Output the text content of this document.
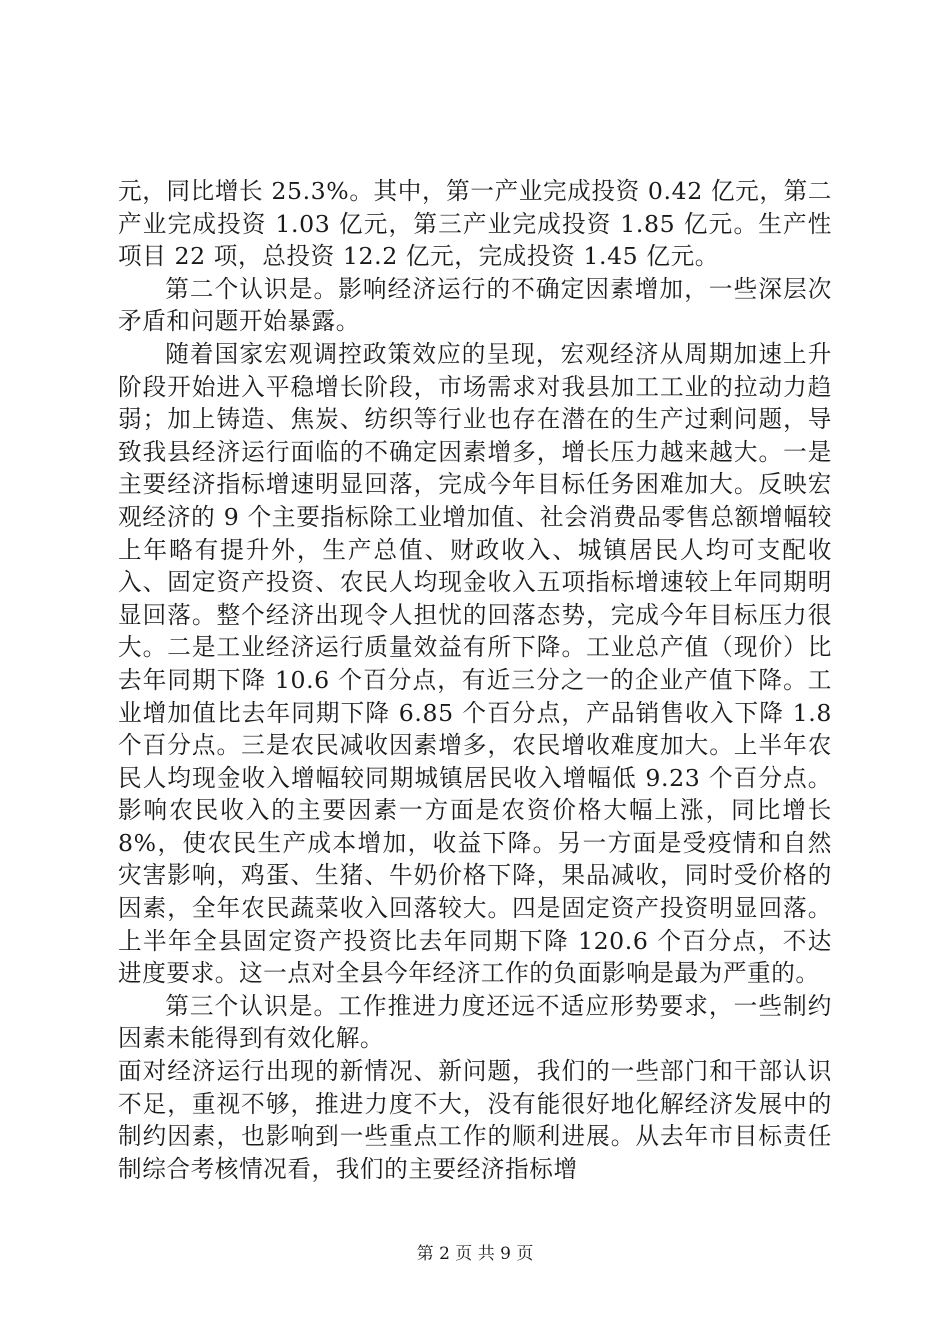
元，同比增长 25.3%。其中，第一产业完成投资 0.42 亿元，第二产业完成投资 1.03 亿元，第三产业完成投资 1.85 亿元。生产性项目 22 项，总投资 12.2 亿元，完成投资 1.45 亿元。

第二个认识是。影响经济运行的不确定因素增加，一些深层次矛盾和问题开始暴露。

随着国家宏观调控政策效应的呈现，宏观经济从周期加速上升阶段开始进入平稳增长阶段，市场需求对我县加工工业的拉动力趋弱；加上铸造、焦炭、纺织等行业也存在潜在的生产过剩问题，导致我县经济运行面临的不确定因素增多，增长压力越来越大。一是主要经济指标增速明显回落，完成今年目标任务困难加大。反映宏观经济的 9 个主要指标除工业增加值、社会消费品零售总额增幅较上年略有提升外，生产总值、财政收入、城镇居民人均可支配收入、固定资产投资、农民人均现金收入五项指标增速较上年同期明显回落。整个经济出现令人担忧的回落态势，完成今年目标压力很大。二是工业经济运行质量效益有所下降。工业总产值（现价）比去年同期下降 10.6 个百分点，有近三分之一的企业产值下降。工业增加值比去年同期下降 6.85 个百分点，产品销售收入下降 1.8 个百分点。三是农民减收因素增多，农民增收难度加大。上半年农民人均现金收入增幅较同期城镇居民收入增幅低 9.23 个百分点。影响农民收入的主要因素一方面是农资价格大幅上涨，同比增长 8%，使农民生产成本增加，收益下降。另一方面是受疫情和自然灾害影响，鸡蛋、生猪、牛奶价格下降，果品减收，同时受价格的因素，全年农民蔬菜收入回落较大。四是固定资产投资明显回落。上半年全县固定资产投资比去年同期下降 120.6 个百分点，不达进度要求。这一点对全县今年经济工作的负面影响是最为严重的。

第三个认识是。工作推进力度还远不适应形势要求，一些制约因素未能得到有效化解。

面对经济运行出现的新情况、新问题，我们的一些部门和干部认识不足，重视不够，推进力度不大，没有能很好地化解经济发展中的制约因素，也影响到一些重点工作的顺利进展。从去年市目标责任制综合考核情况看，我们的主要经济指标增

第 2 页 共 9 页
